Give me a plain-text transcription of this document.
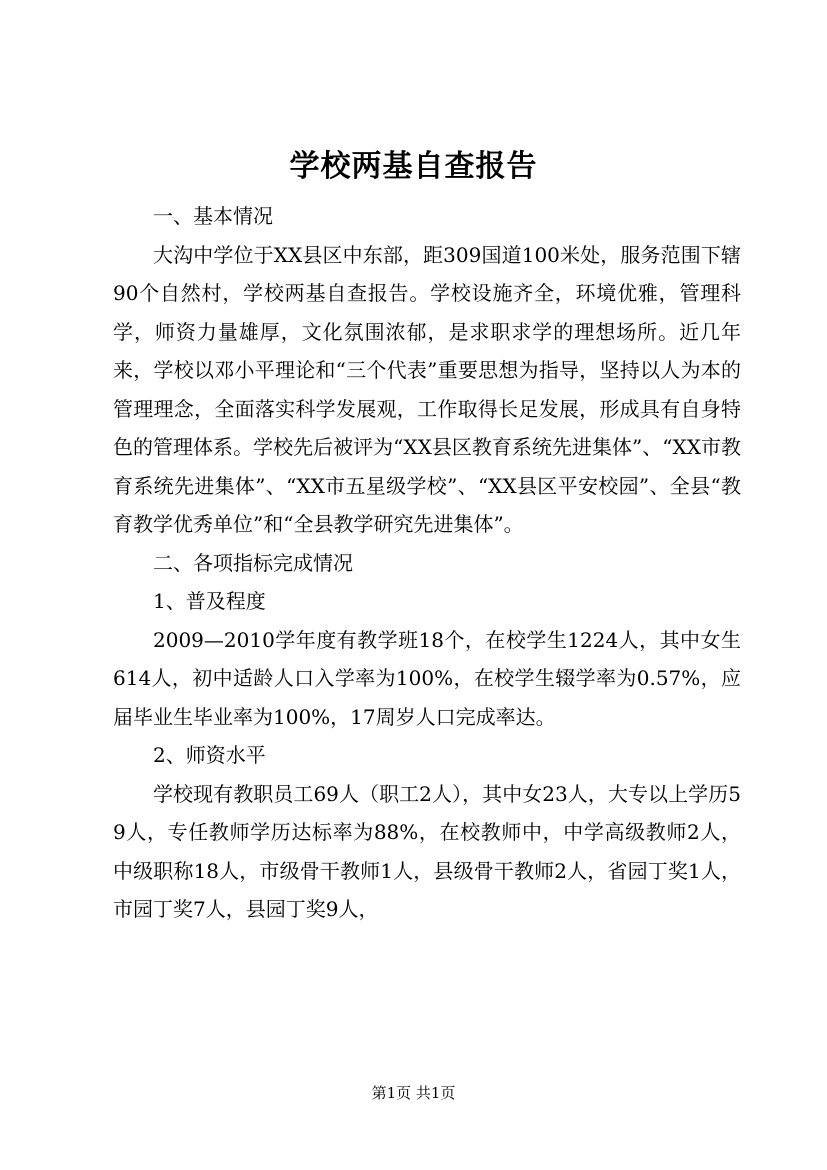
学校两基自查报告

一、基本情况

大沟中学位于XX县区中东部，距309国道100米处，服务范围下辖90个自然村，学校两基自查报告。学校设施齐全，环境优雅，管理科学，师资力量雄厚，文化氛围浓郁，是求职求学的理想场所。近几年来，学校以邓小平理论和“三个代表”重要思想为指导，坚持以人为本的管理理念，全面落实科学发展观，工作取得长足发展，形成具有自身特色的管理体系。学校先后被评为“XX县区教育系统先进集体”、“XX市教育系统先进集体”、“XX市五星级学校”、“XX县区平安校园”、全县“教育教学优秀单位”和“全县教学研究先进集体”。

二、各项指标完成情况

1、普及程度

2009—2010学年度有教学班18个，在校学生1224人，其中女生614人，初中适龄人口入学率为100%，在校学生辍学率为0.57%，应届毕业生毕业率为100%，17周岁人口完成率达。

2、师资水平

学校现有教职员工69人（职工2人），其中女23人，大专以上学历59人，专任教师学历达标率为88%，在校教师中，中学高级教师2人，中级职称18人，市级骨干教师1人，县级骨干教师2人，省园丁奖1人，市园丁奖7人，县园丁奖9人，

第1页 共1页
